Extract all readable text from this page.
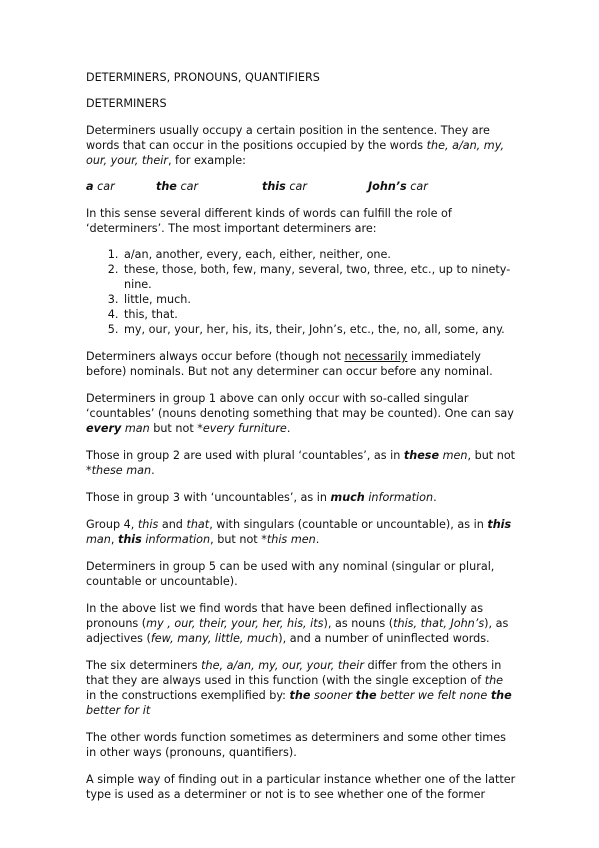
DETERMINERS, PRONOUNS, QUANTIFIERS

DETERMINERS

Determiners usually occupy a certain position in the sentence. They are words that can occur in the positions occupied by the words the, a/an, my, our, your, their, for example:

a car	the car	this car	John’s car

In this sense several different kinds of words can fulfill the role of ‘determiners’. The most important determiners are:

1. a/an, another, every, each, either, neither, one.
2. these, those, both, few, many, several, two, three, etc., up to ninety-nine.
3. little, much.
4. this, that.
5. my, our, your, her, his, its, their, John’s, etc., the, no, all, some, any.

Determiners always occur before (though not necessarily immediately before) nominals. But not any determiner can occur before any nominal.

Determiners in group 1 above can only occur with so-called singular ‘countables’ (nouns denoting something that may be counted). One can say every man but not *every furniture.

Those in group 2 are used with plural ‘countables’, as in these men, but not *these man.

Those in group 3 with ‘uncountables’, as in much information.

Group 4, this and that, with singulars (countable or uncountable), as in this man, this information, but not *this men.

Determiners in group 5 can be used with any nominal (singular or plural, countable or uncountable).

In the above list we find words that have been defined inflectionally as pronouns (my , our, their, your, her, his, its), as nouns (this, that, John’s), as adjectives (few, many, little, much), and a number of uninflected words.

The six determiners the, a/an, my, our, your, their differ from the others in that they are always used in this function (with the single exception of the in the constructions exemplified by: the sooner the better we felt none the better for it

The other words function sometimes as determiners and some other times in other ways (pronouns, quantifiers).

A simple way of finding out in a particular instance whether one of the latter type is used as a determiner or not is to see whether one of the former
